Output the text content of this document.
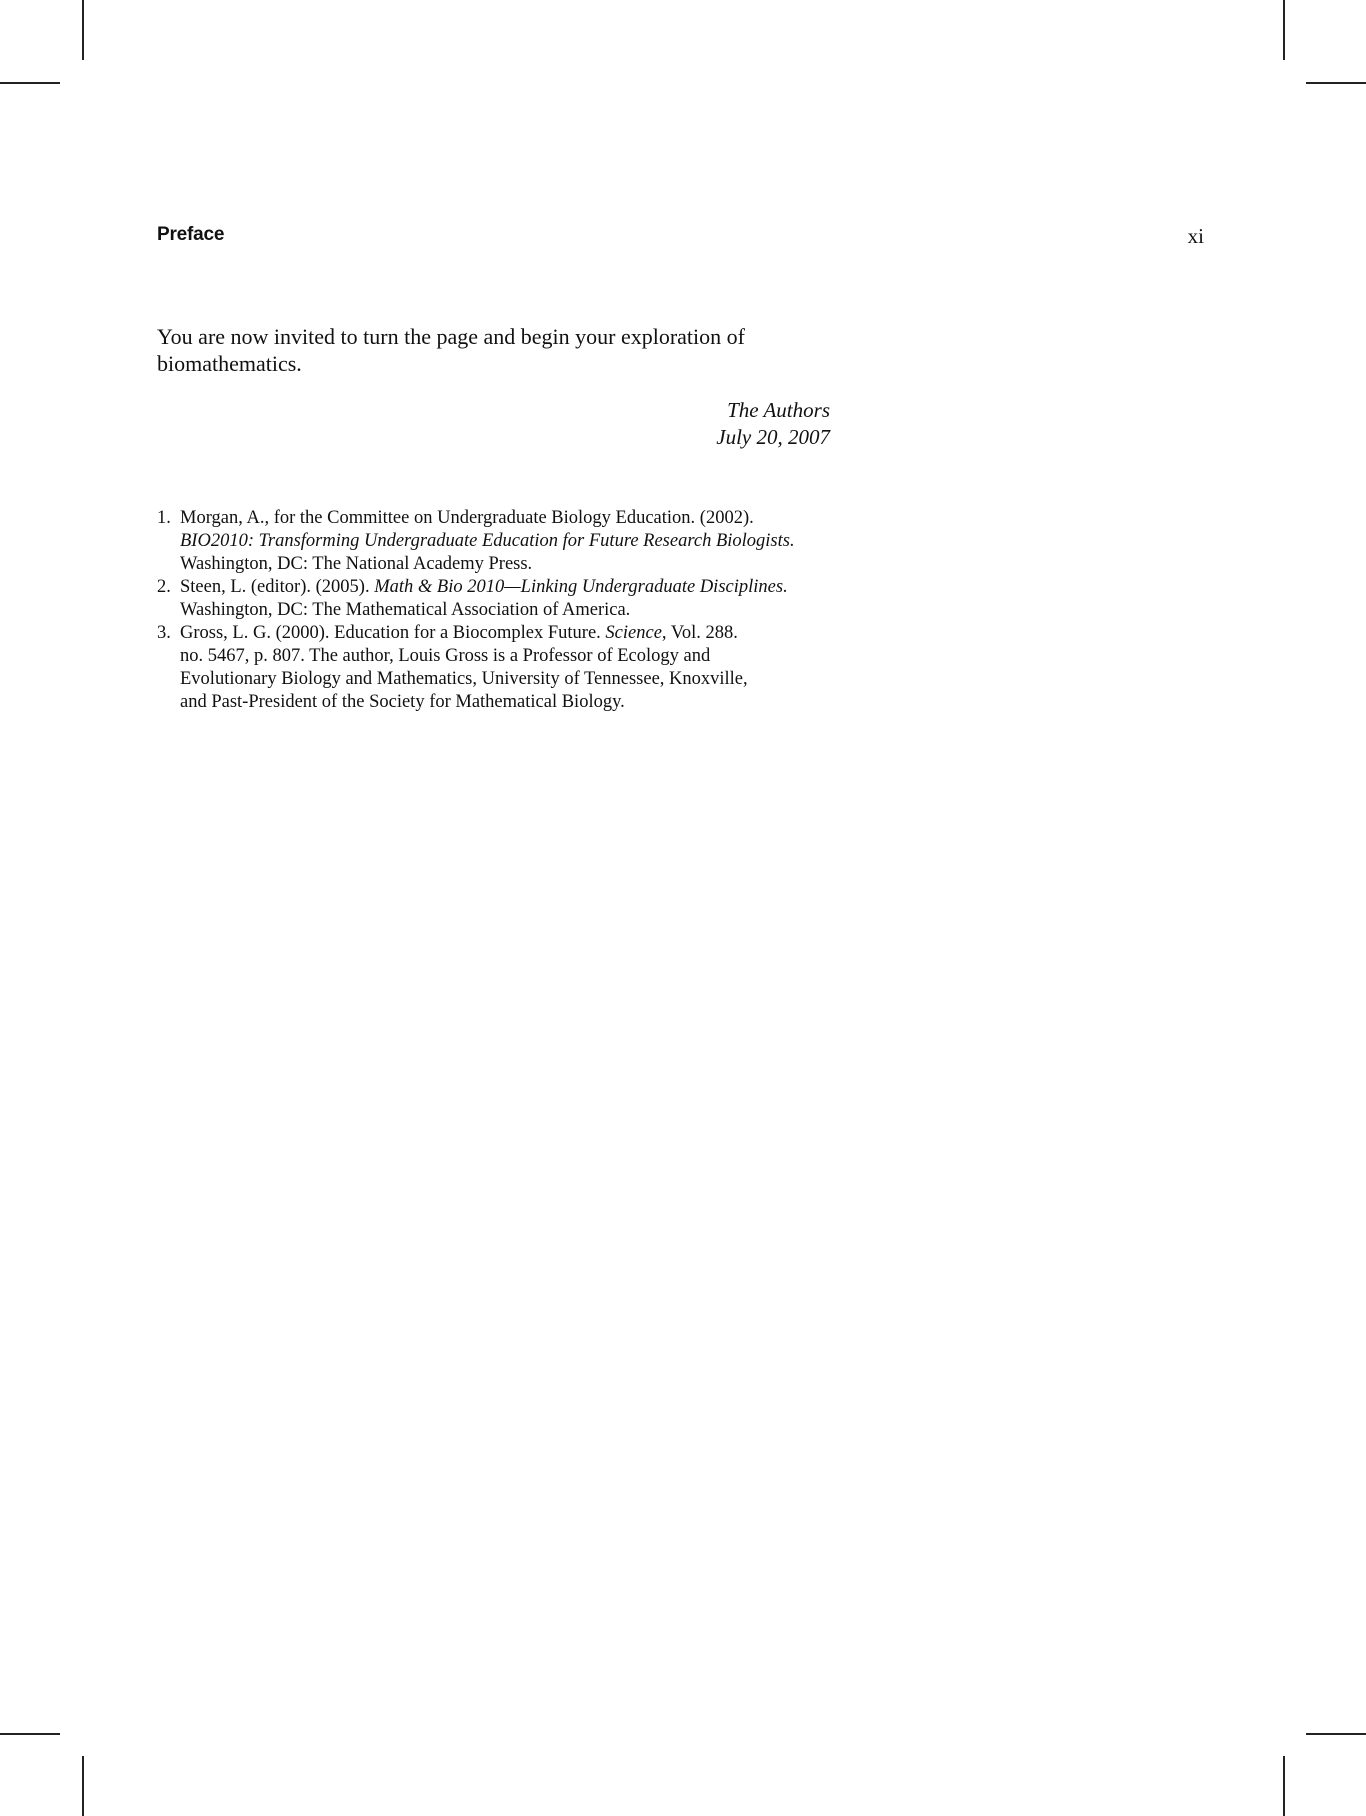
Preface	xi

You are now invited to turn the page and begin your exploration of
biomathematics.

The Authors
July 20, 2007
1. Morgan, A., for the Committee on Undergraduate Biology Education. (2002).
BIO2010: Transforming Undergraduate Education for Future Research Biologists.
Washington, DC: The National Academy Press.
2. Steen, L. (editor). (2005). Math & Bio 2010—Linking Undergraduate Disciplines.
Washington, DC: The Mathematical Association of America.
3. Gross, L. G. (2000). Education for a Biocomplex Future. Science, Vol. 288.
no. 5467, p. 807. The author, Louis Gross is a Professor of Ecology and
Evolutionary Biology and Mathematics, University of Tennessee, Knoxville,
and Past-President of the Society for Mathematical Biology.
